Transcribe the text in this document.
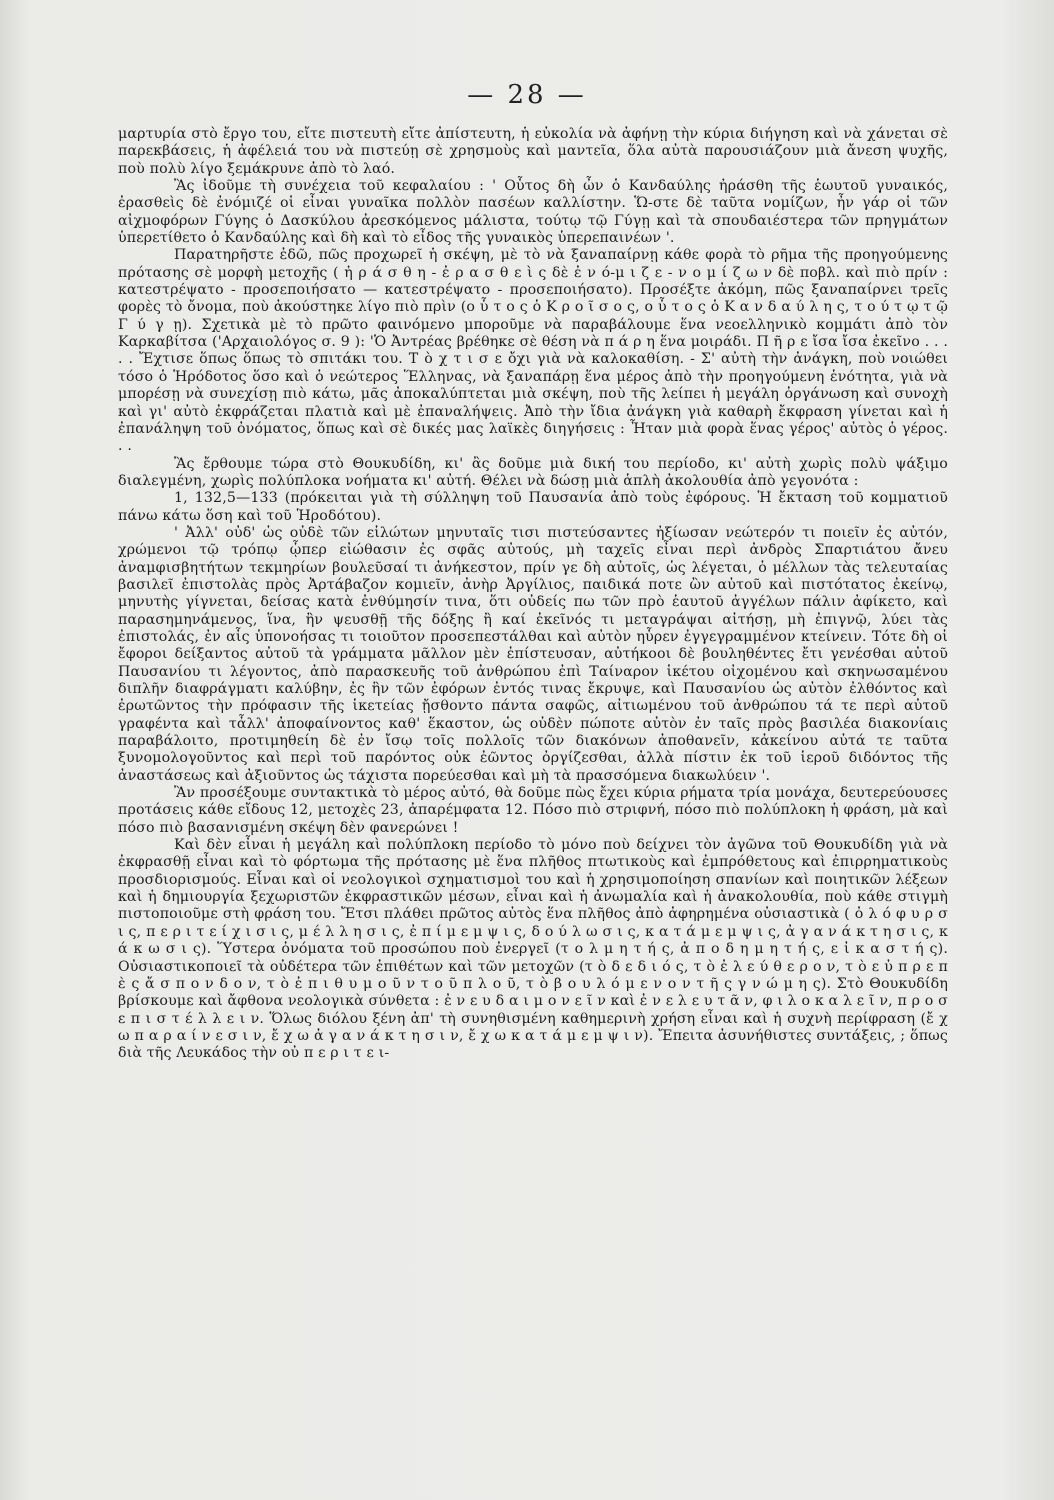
— 28 —

μαρτυρία στὸ ἔργο του, εἴτε πιστευτὴ εἴτε ἀπίστευτη, ἡ εὐκολία νὰ ἀφήνῃ τὴν κύρια διήγηση καὶ νὰ χάνεται σὲ παρεκβάσεις, ἡ ἀφέλειά του νὰ πιστεύῃ σὲ χρησμοὺς καὶ μαντεῖα, ὅλα αὐτὰ παρουσιάζουν μιὰ ἄνεση ψυχῆς, ποὺ πολὺ λίγο ξεμάκρυνε ἀπὸ τὸ λαό.

Ἂς ἰδοῦμε τὴ συνέχεια τοῦ κεφαλαίου : ' Οὗτος δὴ ὦν ὁ Κανδαύλης ἠράσθη τῆς ἑωυτοῦ γυναικός, ἐρασθεὶς δὲ ἐνόμιζέ οἱ εἶναι γυναῖκα πολλὸν πασέων καλλίστην. Ὥ-στε δὲ ταῦτα νομίζων, ἦν γάρ οἱ τῶν αἰχμοφόρων Γύγης ὁ Δασκύλου ἀρεσκόμενος μάλιστα, τούτῳ τῷ Γύγῃ καὶ τὰ σπουδαιέστερα τῶν πρηγμάτων ὑπερετίθετο ὁ Κανδαύλης καὶ δὴ καὶ τὸ εἶδος τῆς γυναικὸς ὑπερεπαινέων '.

Παρατηρῆστε ἐδῶ, πῶς προχωρεῖ ἡ σκέψη, μὲ τὸ νὰ ξαναπαίρνῃ κάθε φορὰ τὸ ρῆμα τῆς προηγούμενης πρότασης σὲ μορφὴ μετοχῆς ( ἠ ρ ά σ θ η - ἐ ρ α σ θ ε ὶ ς δὲ ἐ ν ό-μ ι ζ ε - ν ο μ ί ζ ω ν δὲ ποβλ. καὶ πιὸ πρίν : κατεστρέψατο - προσεποιήσατο — κατεστρέψατο - προσεποιήσατο). Προσέξτε ἀκόμη, πῶς ξαναπαίρνει τρεῖς φορὲς τὸ ὄνομα, ποὺ ἀκούστηκε λίγο πιὸ πρὶν (ο ὗ τ ο ς ὁ Κ ρ ο ῖ σ ο ς, ο ὗ τ ο ς ὁ Κ α ν δ α ύ λ η ς, τ ο ύ τ ῳ τ ῷ Γ ύ γ ῃ). Σχετικὰ μὲ τὸ πρῶτο φαινόμενο μποροῦμε νὰ παραβάλουμε ἕνα νεοελληνικὸ κομμάτι ἀπὸ τὸν Καρκαβίτσα ('Αρχαιολόγος σ. 9 ): 'Ὁ Ἀντρέας βρέθηκε σὲ θέση νὰ π ά ρ η ἕνα μοιράδι. Π ῆ ρ ε ἴσα ἴσα ἐκεῖνο . . . . . Ἔχτισε ὅπως ὅπως τὸ σπιτάκι του. Τ ὸ χ τ ι σ ε ὄχι γιὰ νὰ καλοκαθίση. - Σ' αὐτὴ τὴν ἀνάγκη, ποὺ νοιώθει τόσο ὁ Ἡρόδοτος ὅσο καὶ ὁ νεώτερος Ἕλληνας, νὰ ξαναπάρῃ ἕνα μέρος ἀπὸ τὴν προηγούμενη ἑνότητα, γιὰ νὰ μπορέσῃ νὰ συνεχίσῃ πιὸ κάτω, μᾶς ἀποκαλύπτεται μιὰ σκέψη, ποὺ τῆς λείπει ἡ μεγάλη ὀργάνωση καὶ συνοχὴ καὶ γι' αὐτὸ ἐκφράζεται πλατιὰ καὶ μὲ ἐπαναλήψεις. Ἀπὸ τὴν ἴδια ἀνάγκη γιὰ καθαρὴ ἔκφραση γίνεται καὶ ἡ ἐπανάληψη τοῦ ὀνόματος, ὅπως καὶ σὲ δικές μας λαϊκὲς διηγήσεις : Ἦταν μιὰ φορὰ ἕνας γέρος' αὐτὸς ὁ γέρος. . .

Ἂς ἔρθουμε τώρα στὸ Θουκυδίδη, κι' ἂς δοῦμε μιὰ δική του περίοδο, κι' αὐτὴ χωρὶς πολὺ ψάξιμο διαλεγμένη, χωρὶς πολύπλοκα νοήματα κι' αὐτή. Θέλει νὰ δώσῃ μιὰ ἁπλὴ ἀκολουθία ἀπὸ γεγονότα :

1, 132,5—133 (πρόκειται γιὰ τὴ σύλληψη τοῦ Παυσανία ἀπὸ τοὺς ἐφόρους. Ἡ ἔκταση τοῦ κομματιοῦ πάνω κάτω ὅση καὶ τοῦ Ἡροδότου).

' Ἀλλ' οὐδ' ὡς οὐδὲ τῶν εἱλώτων μηνυταῖς τισι πιστεύσαντες ἠξίωσαν νεώτερόν τι ποιεῖν ἐς αὐτόν, χρώμενοι τῷ τρόπῳ ᾧπερ εἰώθασιν ἐς σφᾶς αὐτούς, μὴ ταχεῖς εἶναι περὶ ἀνδρὸς Σπαρτιάτου ἄνευ ἀναμφισβητήτων τεκμηρίων βουλεῦσαί τι ἀνήκεστον, πρίν γε δὴ αὐτοῖς, ὡς λέγεται, ὁ μέλλων τὰς τελευταίας βασιλεῖ ἐπιστολὰς πρὸς Ἀρτάβαζον κομιεῖν, ἀνὴρ Ἀργίλιος, παιδικά ποτε ὢν αὐτοῦ καὶ πιστότατος ἐκείνῳ, μηνυτὴς γίγνεται, δείσας κατὰ ἐνθύμησίν τινα, ὅτι οὐδείς πω τῶν πρὸ ἑαυτοῦ ἀγγέλων πάλιν ἀφίκετο, καὶ παρασημηνάμενος, ἵνα, ἢν ψευσθῇ τῆς δόξης ἢ καί ἐκεῖνός τι μεταγράψαι αἰτήσῃ, μὴ ἐπιγνῷ, λύει τὰς ἐπιστολάς, ἐν αἷς ὑπονοήσας τι τοιοῦτον προσεπεστάλθαι καὶ αὐτὸν ηὗρεν ἐγγεγραμμένον κτείνειν. Τότε δὴ οἱ ἔφοροι δείξαντος αὐτοῦ τὰ γράμματα μᾶλλον μὲν ἐπίστευσαν, αὐτήκοοι δὲ βουληθέντες ἔτι γενέσθαι αὐτοῦ Παυσανίου τι λέγοντος, ἀπὸ παρασκευῆς τοῦ ἀνθρώπου ἐπὶ Ταίναρον ἱκέτου οἰχομένου καὶ σκηνωσαμένου διπλῆν διαφράγματι καλύβην, ἐς ἣν τῶν ἐφόρων ἐντός τινας ἔκρυψε, καὶ Παυσανίου ὡς αὐτὸν ἐλθόντος καὶ ἐρωτῶντος τὴν πρόφασιν τῆς ἱκετείας ᾔσθοντο πάντα σαφῶς, αἰτιωμένου τοῦ ἀνθρώπου τά τε περὶ αὐτοῦ γραφέντα καὶ τἆλλ' ἀποφαίνοντος καθ' ἕκαστον, ὡς οὐδὲν πώποτε αὐτὸν ἐν ταῖς πρὸς βασιλέα διακονίαις παραβάλοιτο, προτιμηθείη δὲ ἐν ἴσῳ τοῖς πολλοῖς τῶν διακόνων ἀποθανεῖν, κἀκείνου αὐτά τε ταῦτα ξυνομολογοῦντος καὶ περὶ τοῦ παρόντος οὐκ ἐῶντος ὀργίζεσθαι, ἀλλὰ πίστιν ἐκ τοῦ ἱεροῦ διδόντος τῆς ἀναστάσεως καὶ ἀξιοῦντος ὡς τάχιστα πορεύεσθαι καὶ μὴ τὰ πρασσόμενα διακωλύειν '.

Ἂν προσέξουμε συντακτικὰ τὸ μέρος αὐτό, θὰ δοῦμε πὼς ἔχει κύρια ρήματα τρία μονάχα, δευτερεύουσες προτάσεις κάθε εἴδους 12, μετοχὲς 23, ἀπαρέμφατα 12. Πόσο πιὸ στριφνή, πόσο πιὸ πολύπλοκη ἡ φράση, μὰ καὶ πόσο πιὸ βασανισμένη σκέψη δὲν φανερώνει !

Καὶ δὲν εἶναι ἡ μεγάλη καὶ πολύπλοκη περίοδο τὸ μόνο ποὺ δείχνει τὸν ἀγῶνα τοῦ Θουκυδίδη γιὰ νὰ ἐκφρασθῇ εἶναι καὶ τὸ φόρτωμα τῆς πρότασης μὲ ἕνα πλῆθος πτωτικοὺς καὶ ἐμπρόθετους καὶ ἐπιρρηματικοὺς προσδιορισμούς. Εἶναι καὶ οἱ νεολογικοὶ σχηματισμοὶ του καὶ ἡ χρησιμοποίηση σπανίων καὶ ποιητικῶν λέξεων καὶ ἡ δημιουργία ξεχωριστῶν ἐκφραστικῶν μέσων, εἶναι καὶ ἡ ἀνωμαλία καὶ ἡ ἀνακολουθία, ποὺ κάθε στιγμὴ πιστοποιοῦμε στὴ φράση του. Ἔτσι πλάθει πρῶτος αὐτὸς ἕνα πλῆθος ἀπὸ ἀφηρημένα οὐσιαστικὰ ( ὀ λ ό φ υ ρ σ ι ς, π ε ρ ι τ ε ί χ ι σ ι ς, μ έ λ λ η σ ι ς, ἐ π ί μ ε μ ψ ι ς, δ ο ύ λ ω σ ι ς, κ α τ ά μ ε μ ψ ι ς, ἀ γ α ν ά κ τ η σ ι ς, κ ά κ ω σ ι ς). Ὕστερα ὀνόματα τοῦ προσώπου ποὺ ἐνεργεῖ (τ ο λ μ η τ ή ς, ἀ π ο δ η μ η τ ή ς, ε ἰ κ α σ τ ή ς). Οὐσιαστικοποιεῖ τὰ οὐδέτερα τῶν ἐπιθέτων καὶ τῶν μετοχῶν (τ ὸ δ ε δ ι ό ς, τ ὸ ἐ λ ε ύ θ ε ρ ο ν, τ ὸ ε ὐ π ρ ε π ὲ ς ἄ σ π ο ν δ ο ν, τ ὸ ἐ π ι θ υ μ ο ῦ ν τ ο ῦ π λ ο ῦ, τ ὸ β ο υ λ ό μ ε ν ο ν τ ῆ ς γ ν ώ μ η ς). Στὸ Θουκυδίδη βρίσκουμε καὶ ἄφθονα νεολογικὰ σύνθετα : ἐ ν ε υ δ α ι μ ο ν ε ῖ ν καὶ ἐ ν ε λ ε υ τ ᾶ ν, φ ι λ ο κ α λ ε ῖ ν, π ρ ο σ ε π ι σ τ έ λ λ ε ι ν. Ὅλως διόλου ξένη ἀπ' τὴ συνηθισμένη καθημερινὴ χρήση εἶναι καὶ ἡ συχνὴ περίφραση (ἔ χ ω π α ρ α ί ν ε σ ι ν, ἔ χ ω ἀ γ α ν ά κ τ η σ ι ν, ἔ χ ω κ α τ ά μ ε μ ψ ι ν). Ἔπειτα ἀσυνήθιστες συντάξεις, ; ὅπως διὰ τῆς Λευκάδος τὴν οὐ π ε ρ ι τ ε ι-
